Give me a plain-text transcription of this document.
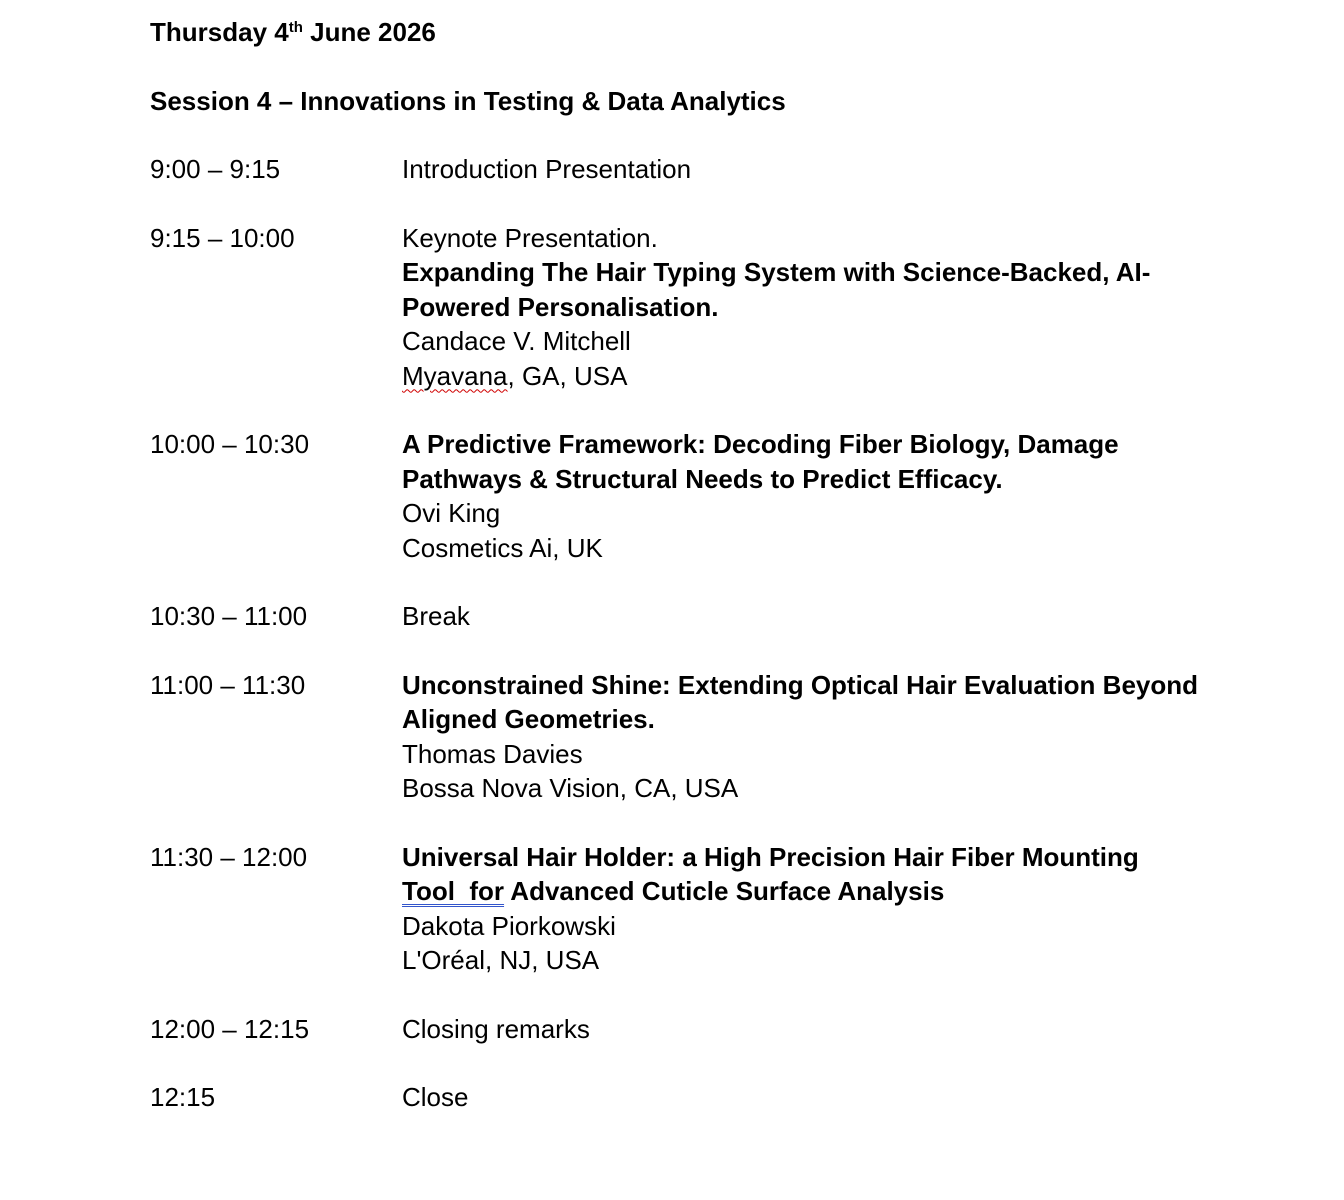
Thursday 4th June 2026
Session 4 – Innovations in Testing & Data Analytics
9:00 – 9:15	Introduction Presentation
9:15 – 10:00	Keynote Presentation.
Expanding The Hair Typing System with Science-Backed, AI-Powered Personalisation.
Candace V. Mitchell
Myavana, GA, USA
10:00 – 10:30	A Predictive Framework: Decoding Fiber Biology, Damage Pathways & Structural Needs to Predict Efficacy.
Ovi King
Cosmetics Ai, UK
10:30 – 11:00	Break
11:00 – 11:30	Unconstrained Shine: Extending Optical Hair Evaluation Beyond Aligned Geometries.
Thomas Davies
Bossa Nova Vision, CA, USA
11:30 – 12:00	Universal Hair Holder: a High Precision Hair Fiber Mounting Tool  for Advanced Cuticle Surface Analysis
Dakota Piorkowski
L'Oréal, NJ, USA
12:00 – 12:15	Closing remarks
12:15	Close
